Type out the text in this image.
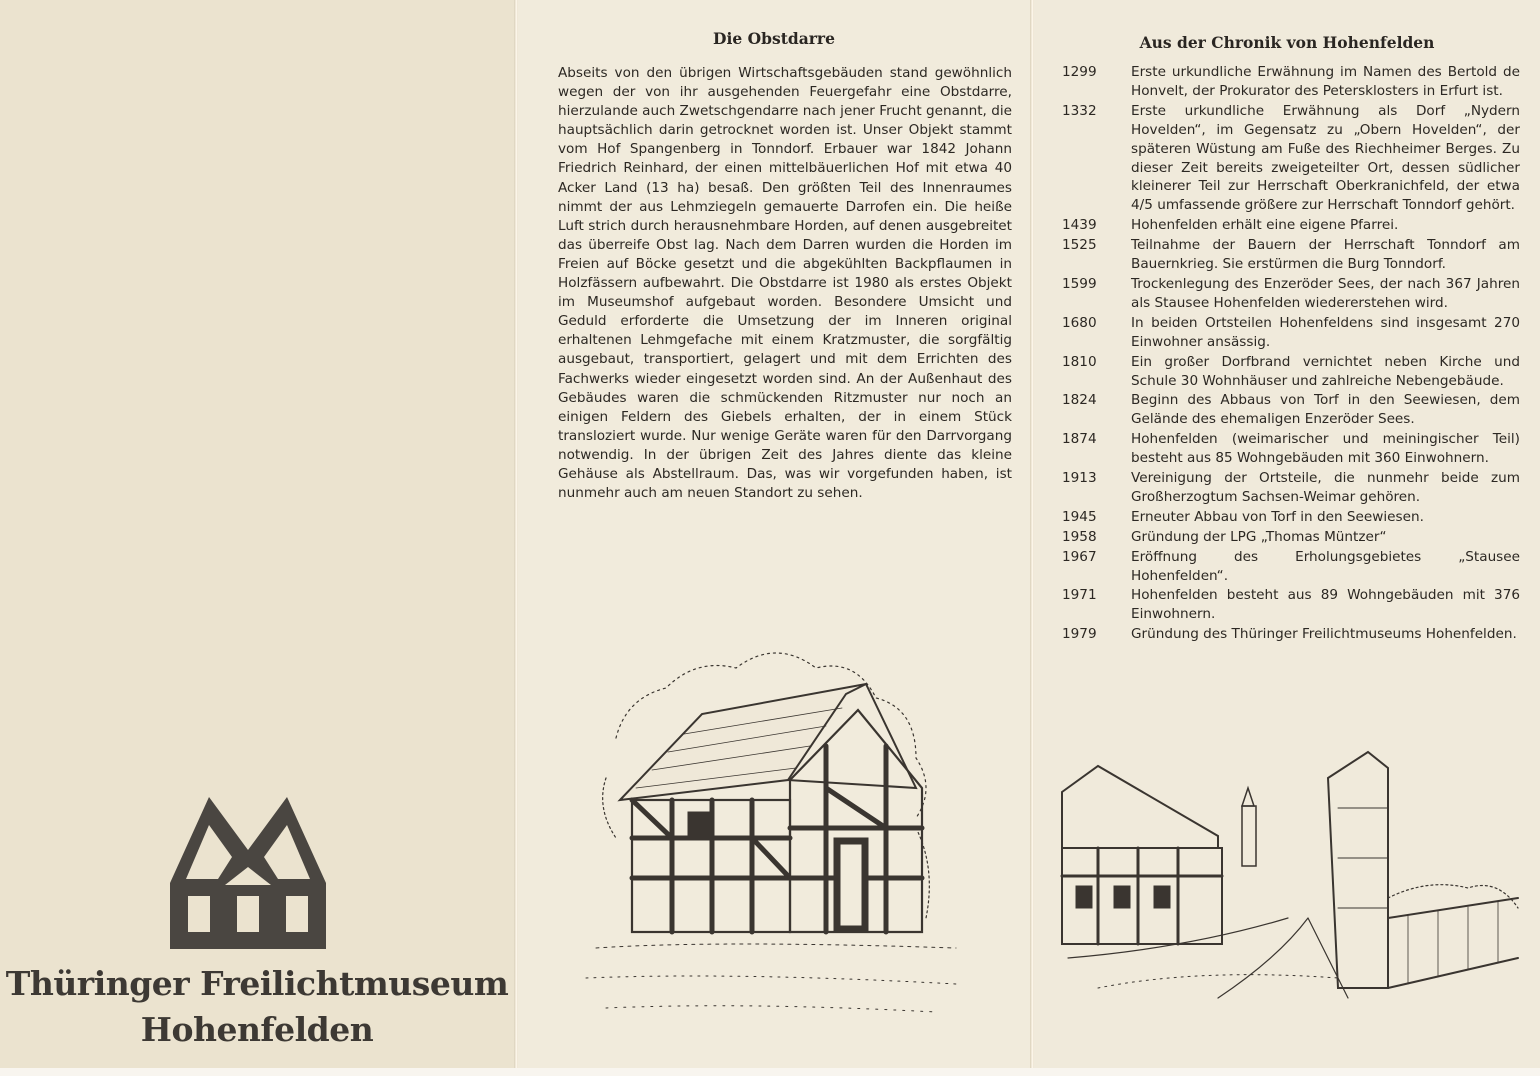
Thüringer Freilichtmuseum
Hohenfelden
Die Obstdarre

Abseits von den übrigen Wirtschaftsgebäuden stand gewöhnlich wegen der von ihr ausgehenden Feuergefahr eine Obstdarre, hierzulande auch Zwetschgendarre nach jener Frucht genannt, die hauptsächlich darin getrocknet worden ist. Unser Objekt stammt vom Hof Spangenberg in Tonndorf. Erbauer war 1842 Johann Friedrich Reinhard, der einen mittelbäuerlichen Hof mit etwa 40 Acker Land (13 ha) besaß. Den größten Teil des Innenraumes nimmt der aus Lehmziegeln gemauerte Darrofen ein. Die heiße Luft strich durch herausnehmbare Horden, auf denen ausgebreitet das überreife Obst lag. Nach dem Darren wurden die Horden im Freien auf Böcke gesetzt und die abgekühlten Backpflaumen in Holzfässern aufbewahrt. Die Obstdarre ist 1980 als erstes Objekt im Museumshof aufgebaut worden. Besondere Umsicht und Geduld erforderte die Umsetzung der im Inneren original erhaltenen Lehmgefache mit einem Kratzmuster, die sorgfältig ausgebaut, transportiert, gelagert und mit dem Errichten des Fachwerks wieder eingesetzt worden sind. An der Außenhaut des Gebäudes waren die schmückenden Ritzmuster nur noch an einigen Feldern des Giebels erhalten, der in einem Stück transloziert wurde. Nur wenige Geräte waren für den Darrvorgang notwendig. In der übrigen Zeit des Jahres diente das kleine Gehäuse als Abstellraum. Das, was wir vorgefunden haben, ist nunmehr auch am neuen Standort zu sehen.

Aus der Chronik von Hohenfelden
1299	Erste urkundliche Erwähnung im Namen des Bertold de Honvelt, der Prokurator des Petersklosters in Erfurt ist.
1332	Erste urkundliche Erwähnung als Dorf „Nydern Hovelden“, im Gegensatz zu „Obern Hovelden“, der späteren Wüstung am Fuße des Riechheimer Berges. Zu dieser Zeit bereits zweigeteilter Ort, dessen südlicher kleinerer Teil zur Herrschaft Oberkranichfeld, der etwa 4/5 umfassende größere zur Herrschaft Tonndorf gehört.
1439	Hohenfelden erhält eine eigene Pfarrei.
1525	Teilnahme der Bauern der Herrschaft Tonndorf am Bauernkrieg. Sie erstürmen die Burg Tonndorf.
1599	Trockenlegung des Enzeröder Sees, der nach 367 Jahren als Stausee Hohenfelden wiedererstehen wird.
1680	In beiden Ortsteilen Hohenfeldens sind insgesamt 270 Einwohner ansässig.
1810	Ein großer Dorfbrand vernichtet neben Kirche und Schule 30 Wohnhäuser und zahlreiche Nebengebäude.
1824	Beginn des Abbaus von Torf in den Seewiesen, dem Gelände des ehemaligen Enzeröder Sees.
1874	Hohenfelden (weimarischer und meiningischer Teil) besteht aus 85 Wohngebäuden mit 360 Einwohnern.
1913	Vereinigung der Ortsteile, die nunmehr beide zum Großherzogtum Sachsen-Weimar gehören.
1945	Erneuter Abbau von Torf in den Seewiesen.
1958	Gründung der LPG „Thomas Müntzer“
1967	Eröffnung des Erholungsgebietes „Stausee Hohenfelden“.
1971	Hohenfelden besteht aus 89 Wohngebäuden mit 376 Einwohnern.
1979	Gründung des Thüringer Freilichtmuseums Hohenfelden.
